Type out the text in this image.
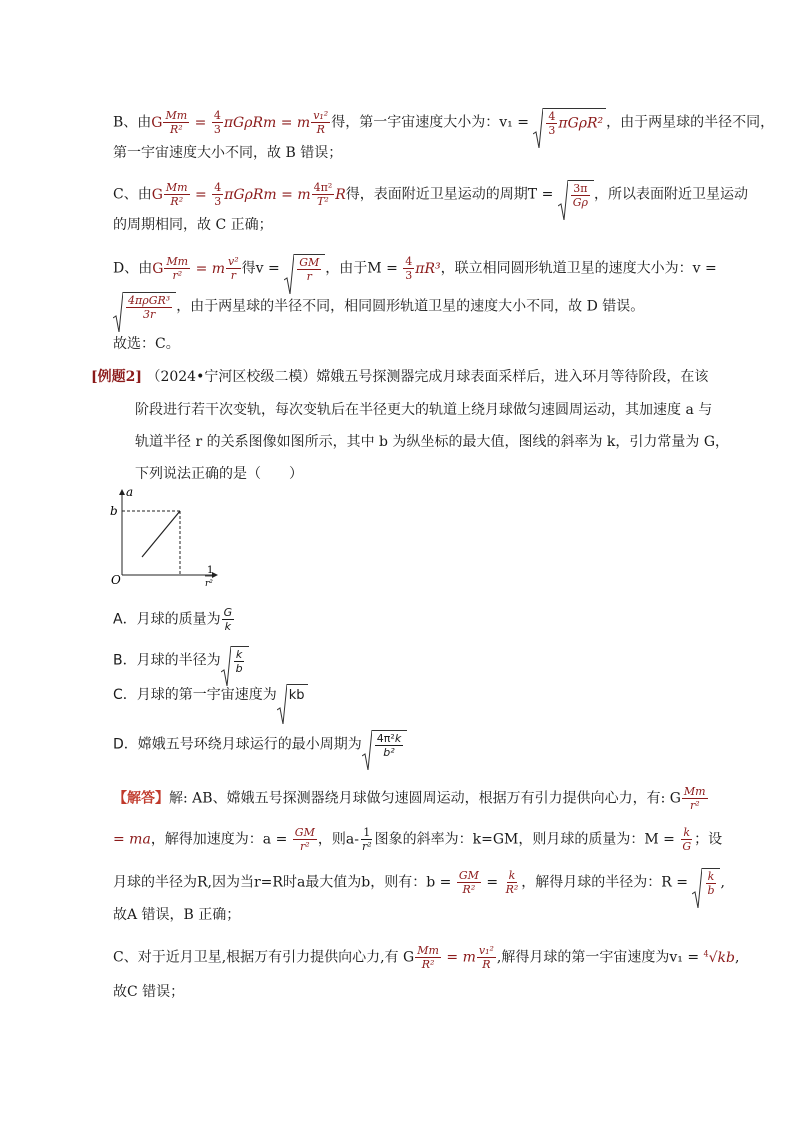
B、由G $\frac{Mm}{\text{R²}} = \frac{4}{3}$ πGρRm = m $\frac{\text{v₁²}}{R}$ 得，第一宇宙速度大小为：$v_1 = \frac{4}{3} \pi G\rho R^2$ ，由于两星球的半径不同，
第一宇宙速度大小不同，故 B 错误；
C、由G $\frac{Mm}{\text{R²}} = \frac{4}{3}$ πGρRm = m $\frac{\text{4π²}}{\text{T²}}$ R得，表面附近卫星运动的周期$T = \frac{3\pi}{G\rho}$ ，所以表面附近卫星运动
的周期相同，故 C 正确；
D、由G $\frac{Mm}{\text{r²}} = m \frac{\text{v²}}{r}$ 得$v = \frac{GM}{r}$ ，由于$M = \frac{4}{3} \pi R^3$，联立相同圆形轨道卫星的速度大小为：v =
$\frac{\text{4πρGR³}}{3r}$ ，由于两星球的半径不同，相同圆形轨道卫星的速度大小不同，故 D 错误。
故选：C。
[例题2] （2024•宁河区校级二模）嫦娥五号探测器完成月球表面采样后，进入环月等待阶段，在该
阶段进行若干次变轨，每次变轨后在半径更大的轨道上绕月球做匀速圆周运动，其加速度 a 与
轨道半径 r 的关系图像如图所示，其中 b 为纵坐标的最大值，图线的斜率为 k，引力常量为 G，
下列说法正确的是（　　）
a
b
O
1
r²
A．月球的质量为 $\frac{G}{k}$
B．月球的半径为 $\frac{k}{b}$
C．月球的第一宇宙速度为 kb
D．嫦娥五号环绕月球运行的最小周期为 $\frac{\text{4π²k}}{\text{b²}}$
【解答】解: AB、嫦娥五号探测器绕月球做匀速圆周运动，根据万有引力提供向心力，有: G $\frac{Mm}{\text{r²}}$
= ma，解得加速度为：$a = \frac{GM}{\text{r²}}$ ，则$a- \frac{1}{\text{r²}}$ 图象的斜率为：k=GM，则月球的质量为：$M = \frac{k}{G}$ ；设
月球的半径为R,因为当r=R时a最大值为b，则有：$b = \frac{GM}{\text{R²}} = \frac{k}{\text{R²}}$ ，解得月球的半径为：$R = \frac{k}{b}$ ,
故A 错误，B 正确；
C、对于近月卫星,根据万有引力提供向心力,有 G $\frac{Mm}{\text{R²}} = m \frac{\text{v₁²}}{R}$ ,解得月球的第一宇宙速度为v₁ = $^4$√kb,
故C 错误；
